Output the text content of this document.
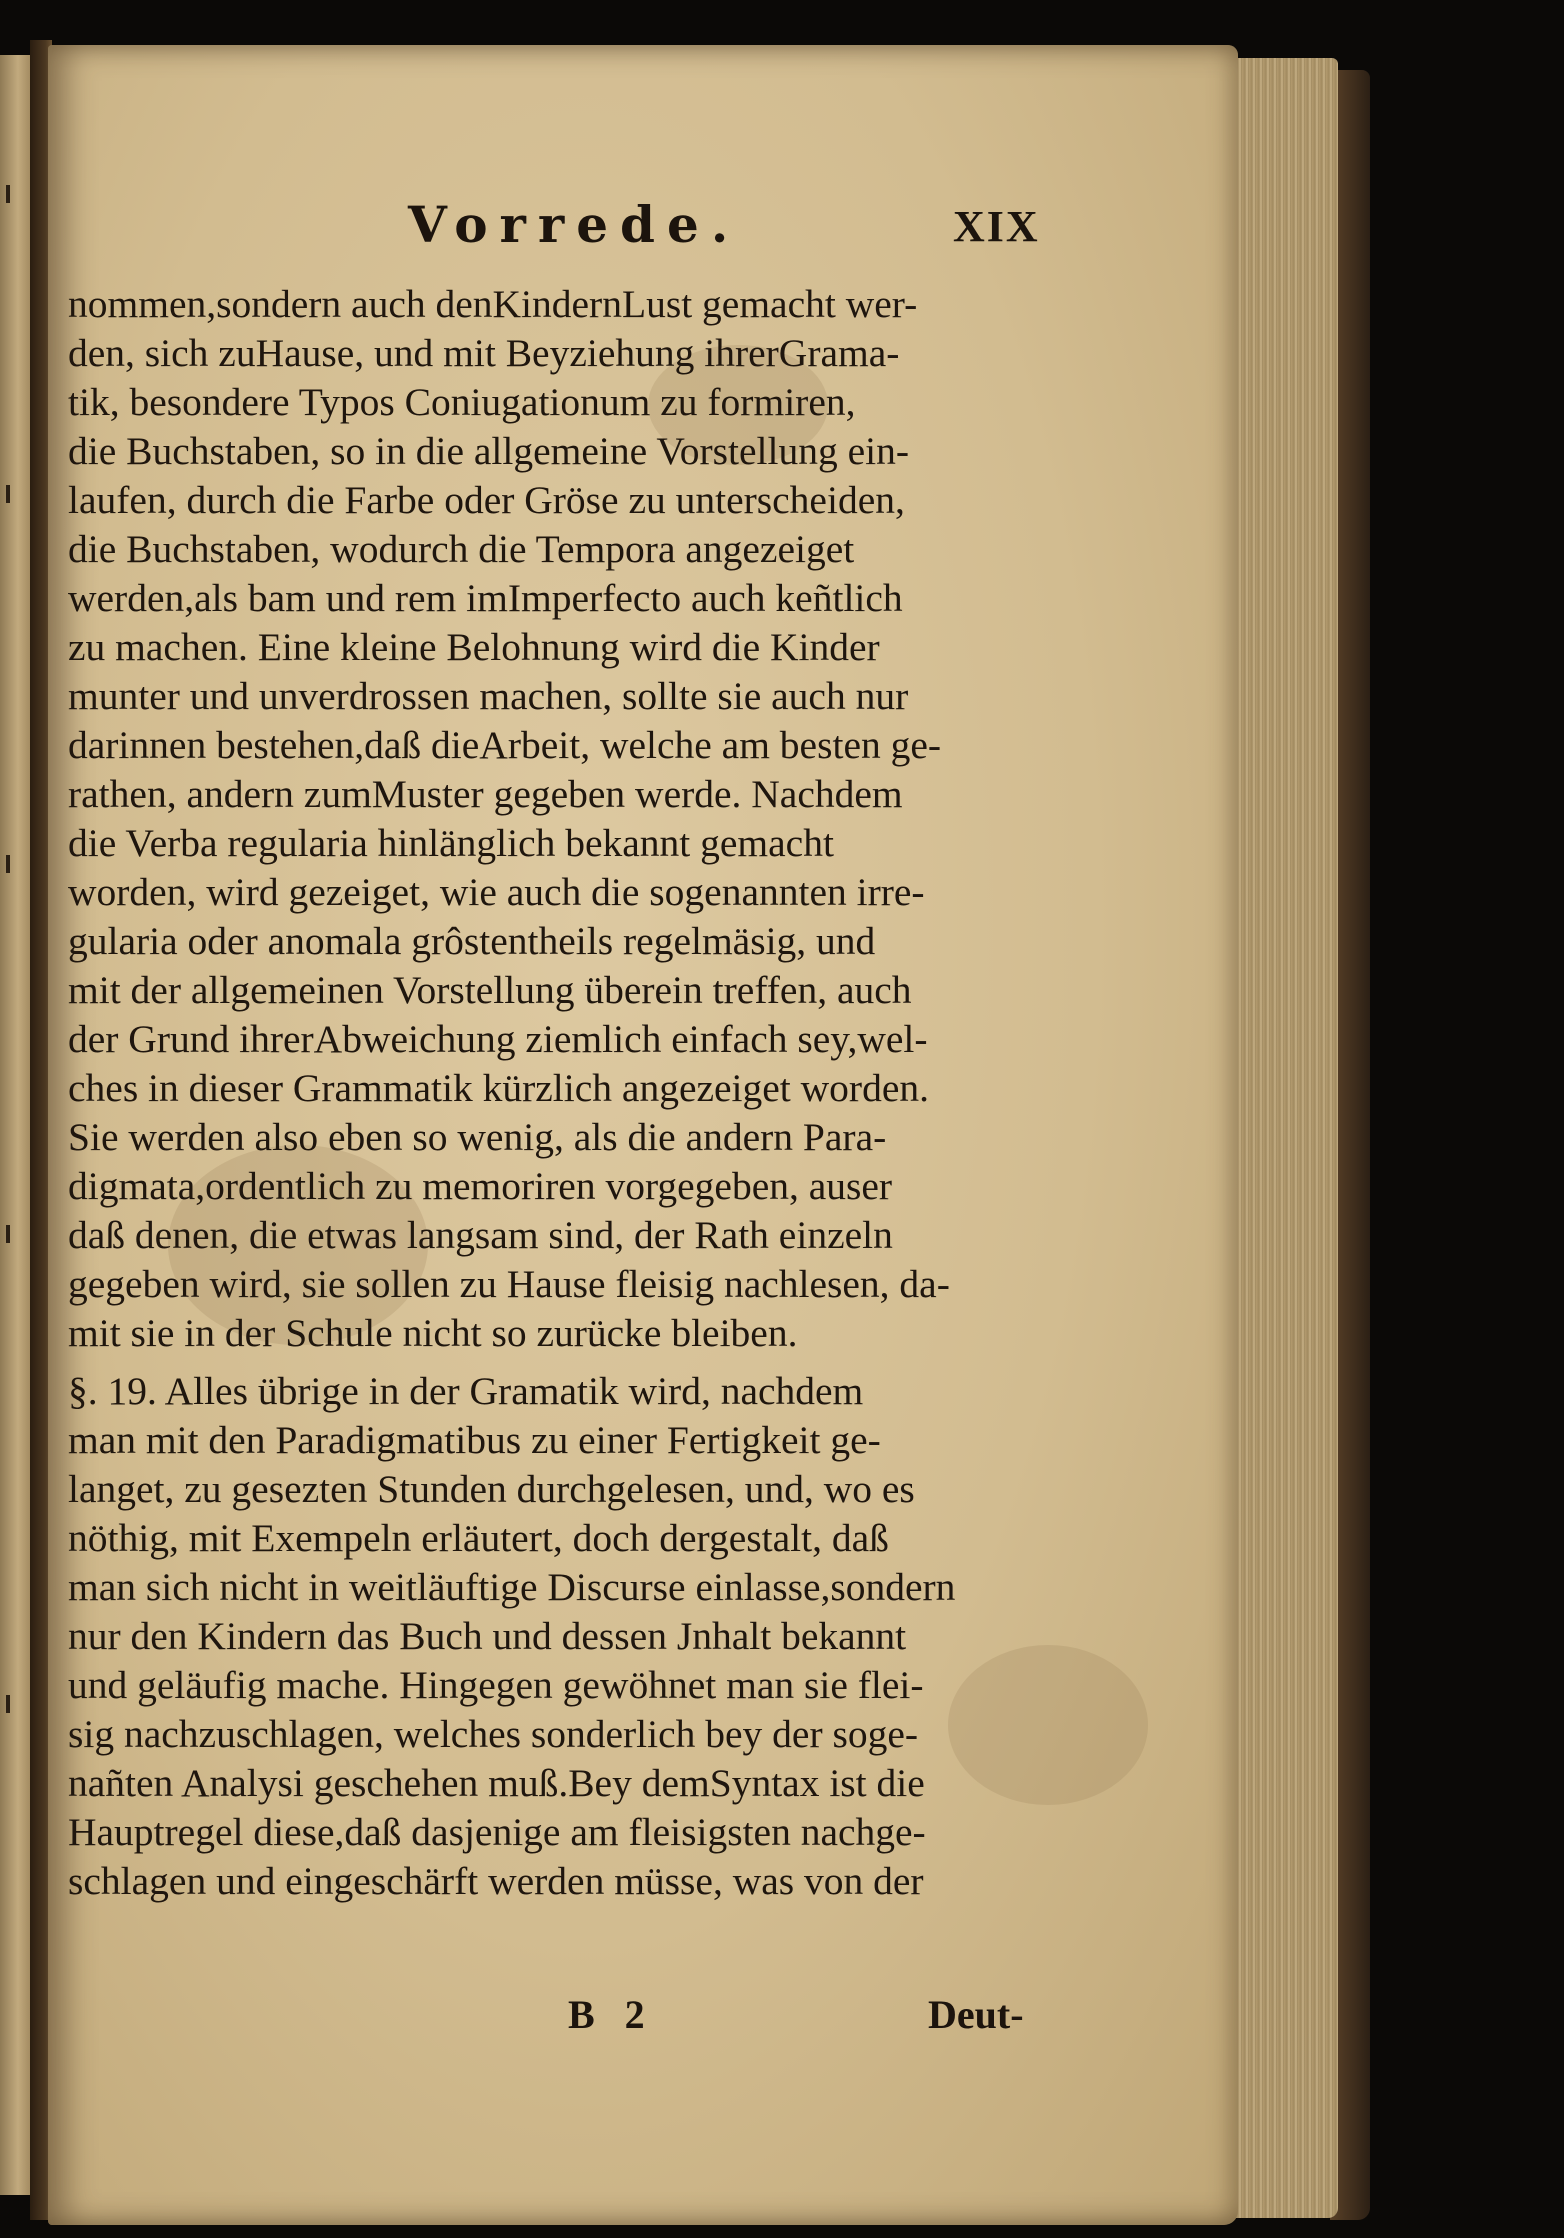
Vorrede.	XIX
nommen,sondern auch denKindernLust gemacht wer-
den, sich zuHause, und mit Beyziehung ihrerGrama-
tik, besondere Typos Coniugationum zu formiren,
die Buchstaben, so in die allgemeine Vorstellung ein-
laufen, durch die Farbe oder Gröse zu unterscheiden,
die Buchstaben, wodurch die Tempora angezeiget
werden,als bam und rem imImperfecto auch keñtlich
zu machen. Eine kleine Belohnung wird die Kinder
munter und unverdrossen machen, sollte sie auch nur
darinnen bestehen,daß dieArbeit, welche am besten ge-
rathen, andern zumMuster gegeben werde. Nachdem
die Verba regularia hinlänglich bekannt gemacht
worden, wird gezeiget, wie auch die sogenannten irre-
gularia oder anomala grôstentheils regelmäsig, und
mit der allgemeinen Vorstellung überein treffen, auch
der Grund ihrerAbweichung ziemlich einfach sey,wel-
ches in dieser Grammatik kürzlich angezeiget worden.
Sie werden also eben so wenig, als die andern Para-
digmata,ordentlich zu memoriren vorgegeben, auser
daß denen, die etwas langsam sind, der Rath einzeln
gegeben wird, sie sollen zu Hause fleisig nachlesen, da-
mit sie in der Schule nicht so zurücke bleiben.
§. 19. Alles übrige in der Gramatik wird, nachdem
man mit den Paradigmatibus zu einer Fertigkeit ge-
langet, zu gesezten Stunden durchgelesen, und, wo es
nöthig, mit Exempeln erläutert, doch dergestalt, daß
man sich nicht in weitläuftige Discurse einlasse,sondern
nur den Kindern das Buch und dessen Jnhalt bekannt
und geläufig mache. Hingegen gewöhnet man sie flei-
sig nachzuschlagen, welches sonderlich bey der soge-
nañten Analysi geschehen muß.Bey demSyntax ist die
Hauptregel diese,daß dasjenige am fleisigsten nachge-
schlagen und eingeschärft werden müsse, was von der
B 2	Deut-
